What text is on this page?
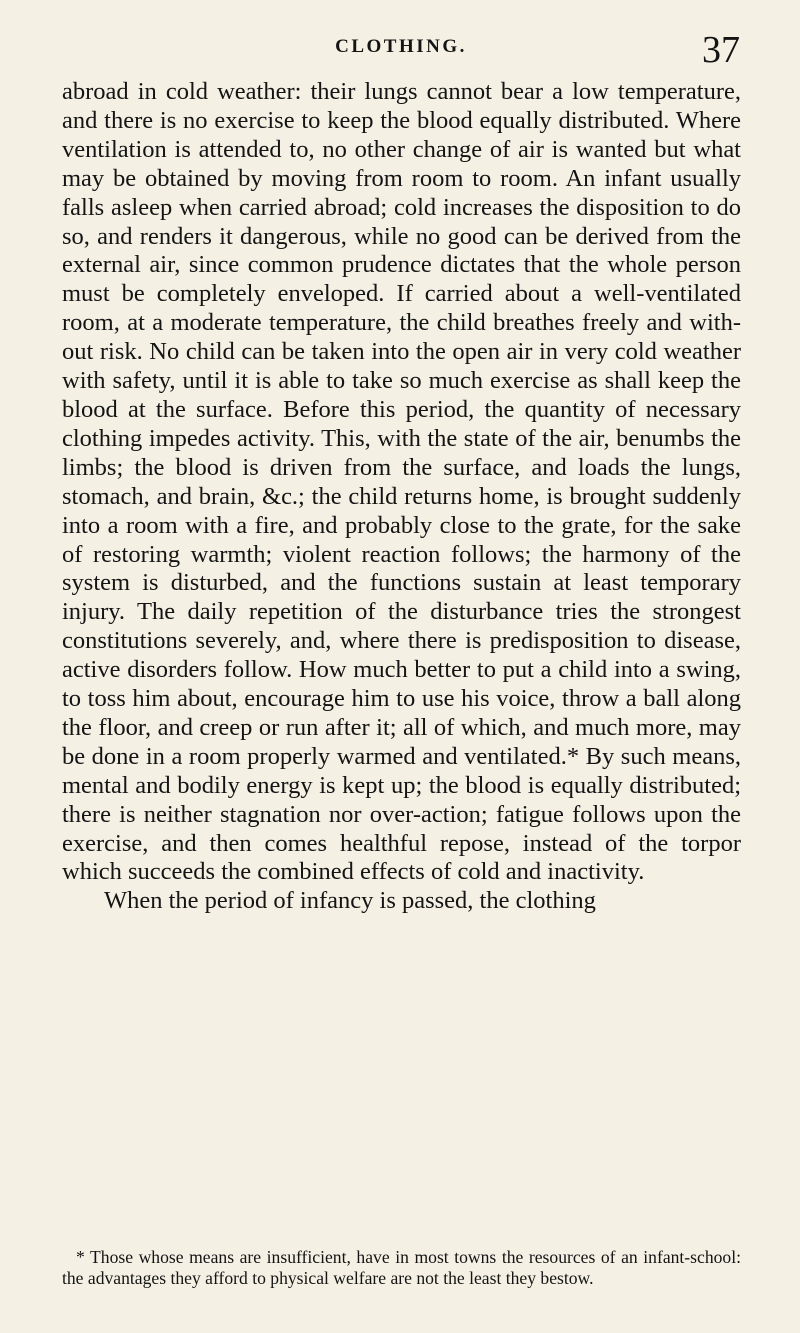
CLOTHING.	37

abroad in cold weather: their lungs cannot bear a low temperature, and there is no exercise to keep the blood equally distributed. Where ventilation is attended to, no other change of air is wanted but what may be obtained by moving from room to room. An infant usually falls asleep when carried abroad; cold increases the disposition to do so, and renders it dangerous, while no good can be derived from the external air, since common prudence dictates that the whole person must be completely enveloped. If carried about a well-ventilated room, at a moderate temperature, the child breathes freely and without risk. No child can be taken into the open air in very cold weather with safety, until it is able to take so much exercise as shall keep the blood at the surface. Before this period, the quantity of necessary clothing impedes activity. This, with the state of the air, benumbs the limbs; the blood is driven from the surface, and loads the lungs, stomach, and brain, &c.; the child returns home, is brought suddenly into a room with a fire, and probably close to the grate, for the sake of restoring warmth; violent reaction follows; the harmony of the system is disturbed, and the functions sustain at least temporary injury. The daily repetition of the disturbance tries the strongest constitutions severely, and, where there is predisposition to disease, active disorders follow. How much better to put a child into a swing, to toss him about, encourage him to use his voice, throw a ball along the floor, and creep or run after it; all of which, and much more, may be done in a room properly warmed and ventilated.* By such means, mental and bodily energy is kept up; the blood is equally distributed; there is neither stagnation nor over-action; fatigue follows upon the exercise, and then comes healthful repose, instead of the torpor which succeeds the combined effects of cold and inactivity.

When the period of infancy is passed, the clothing

* Those whose means are insufficient, have in most towns the resources of an infant-school: the advantages they afford to physical welfare are not the least they bestow.
